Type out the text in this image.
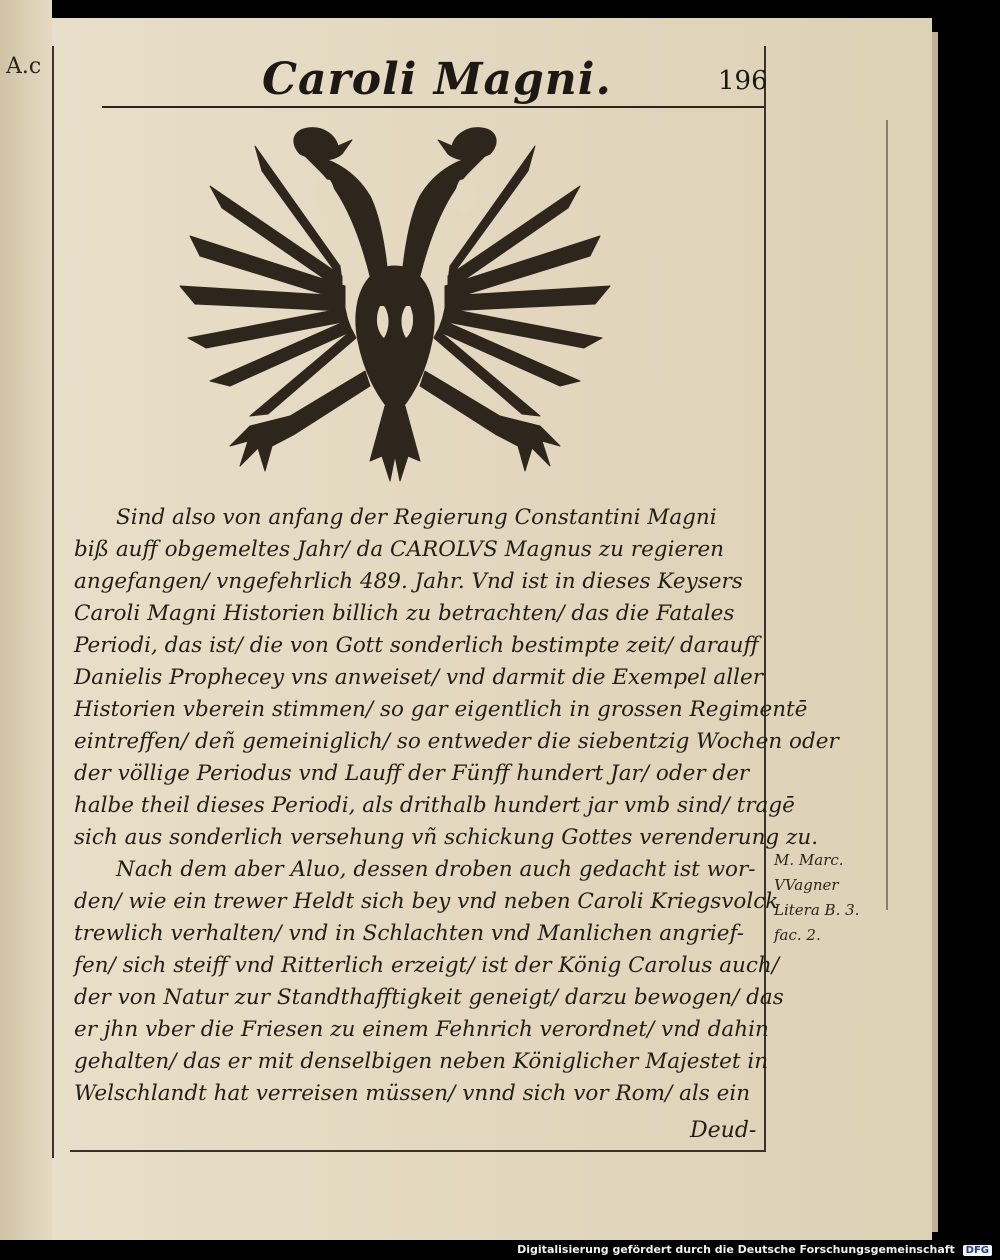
A.c	Caroli Magni.	196
Sind also von anfang der Regierung Constantini Magni
biß auff obgemeltes Jahr/ da CAROLVS Magnus zu regieren
angefangen/ vngefehrlich 489. Jahr. Vnd ist in dieses Keysers
Caroli Magni Historien billich zu betrachten/ das die Fatales
Periodi, das ist/ die von Gott sonderlich bestimpte zeit/ darauff
Danielis Prophecey vns anweiset/ vnd darmit die Exempel aller
Historien vberein stimmen/ so gar eigentlich in grossen Regimentē
eintreffen/ deñ gemeiniglich/ so entweder die siebentzig Wochen oder
der völlige Periodus vnd Lauff der Fünff hundert Jar/ oder der
halbe theil dieses Periodi, als drithalb hundert jar vmb sind/ tragē
sich aus sonderlich versehung vñ schickung Gottes verenderung zu.
Nach dem aber Aluo, dessen droben auch gedacht ist wor-
den/ wie ein trewer Heldt sich bey vnd neben Caroli Kriegsvolck
trewlich verhalten/ vnd in Schlachten vnd Manlichen angrief-
fen/ sich steiff vnd Ritterlich erzeigt/ ist der König Carolus auch/
der von Natur zur Standthafftigkeit geneigt/ darzu bewogen/ das
er jhn vber die Friesen zu einem Fehnrich verordnet/ vnd dahin
gehalten/ das er mit denselbigen neben Königlicher Majestet in
Welschlandt hat verreisen müssen/ vnnd sich vor Rom/ als ein
Deud-
M. Marc.
VVagner
Litera B. 3.
fac. 2.
Digitalisierung gefördert durch die Deutsche Forschungsgemeinschaft DFG
